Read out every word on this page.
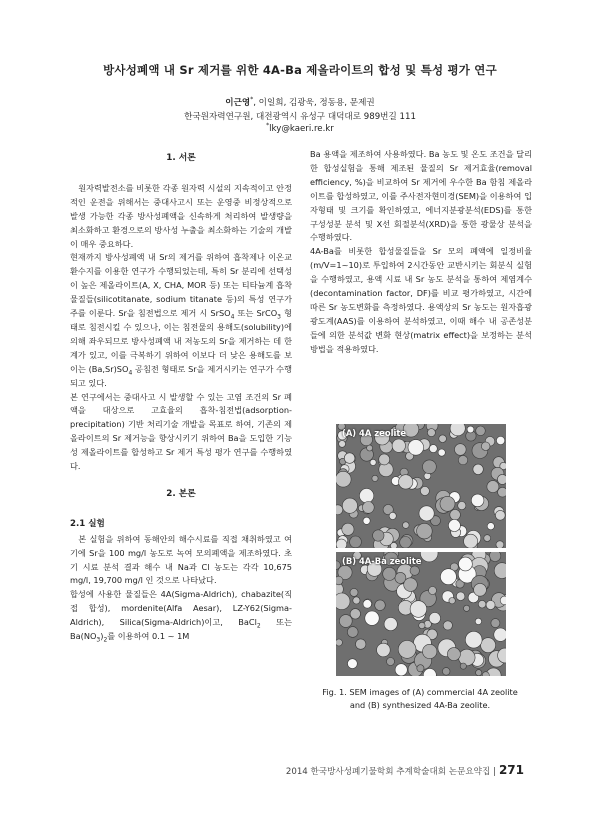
방사성폐액 내 Sr 제거를 위한 4A-Ba 제올라이트의 합성 및 특성 평가 연구
이근영*, 이일희, 김광욱, 정동용, 문제권
한국원자력연구원, 대전광역시 유성구 대덕대로 989번길 111
*lky@kaeri.re.kr
1. 서론

원자력발전소를 비롯한 각종 원자력 시설의 지속적이고 안정적인 운전을 위해서는 중대사고시 또는 운영중 비정상적으로 발생 가능한 각종 방사성폐액을 신속하게 처리하여 발생량을 최소화하고 환경으로의 방사성 누출을 최소화하는 기술의 개발이 매우 중요하다.

현재까지 방사성폐액 내 Sr의 제거를 위하여 흡착제나 이온교환수지를 이용한 연구가 수행되었는데, 특히 Sr 분리에 선택성이 높은 제올라이트(A, X, CHA, MOR 등) 또는 티타늄계 흡착물질들(silicotitanate, sodium titanate 등)의 특성 연구가 주를 이룬다. Sr을 침전법으로 제거 시 SrSO$_4$ 또는 SrCO$_3$ 형태로 침전시킬 수 있으나, 이는 침전물의 용해도(solubility)에 의해 좌우되므로 방사성폐액 내 저농도의 Sr을 제거하는 데 한계가 있고, 이를 극복하기 위하여 이보다 더 낮은 용해도를 보이는 $(Ba,Sr)SO_4$ 공침전 형태로 Sr을 제거시키는 연구가 수행되고 있다.

본 연구에서는 중대사고 시 발생할 수 있는 고염 조건의 Sr 폐액을 대상으로 고효율의 흡착-침전법(adsorption-precipitation) 기반 처리기술 개발을 목표로 하여, 기존의 제올라이트의 Sr 제거능을 향상시키기 위하여 Ba을 도입한 기능성 제올라이트를 합성하고 Sr 제거 특성 평가 연구를 수행하였다.

2. 본론
2.1 실험

본 실험을 위하여 동해안의 해수시료를 직접 채취하였고 여기에 Sr을 100 mg/l 농도로 녹여 모의폐액을 제조하였다. 초기 시료 분석 결과 해수 내 Na과 Cl 농도는 각각 10,675 mg/l, 19,700 mg/l 인 것으로 나타났다.

합성에 사용한 물질들은 4A(Sigma-Aldrich), chabazite(직접 합성), mordenite(Alfa Aesar), LZ-Y62(Sigma-Aldrich), Silica(Sigma-Aldrich)이고, BaCl$_2$ 또는 $Ba(NO_3)_2$를 이용하여 0.1 ~ 1M

Ba 용액을 제조하여 사용하였다. Ba 농도 및 온도 조건을 달리한 합성실험을 통해 제조된 물질의 Sr 제거효율(removal efficiency, %)을 비교하여 Sr 제거에 우수한 Ba 함침 제올라이트를 합성하였고, 이를 주사전자현미경(SEM)을 이용하여 입자형태 및 크기를 확인하였고, 에너지분광분석(EDS)를 통한 구성성분 분석 및 X선 회절분석(XRD)을 통한 광물상 분석을 수행하였다.

4A-Ba를 비롯한 합성물질들을 Sr 모의 폐액에 일정비율(m/V=1~10)로 투입하여 2시간동안 교반시키는 회분식 실험을 수행하였고, 용액 시료 내 Sr 농도 분석을 통하여 제염계수(decontamination factor, DF)를 비교 평가하였고, 시간에 따른 Sr 농도변화를 측정하였다. 용액상의 Sr 농도는 원자흡광광도계(AAS)를 이용하여 분석하였고, 이때 해수 내 공존성분들에 의한 분석값 변화 현상(matrix effect)을 보정하는 분석방법을 적용하였다.

(A) 4A zeolite
(B) 4A-Ba zeolite
Fig. 1. SEM images of (A) commercial 4A zeolite
and (B) synthesized 4A-Ba zeolite.
2014 한국방사성폐기물학회 추계학술대회 논문요약집 | 271
